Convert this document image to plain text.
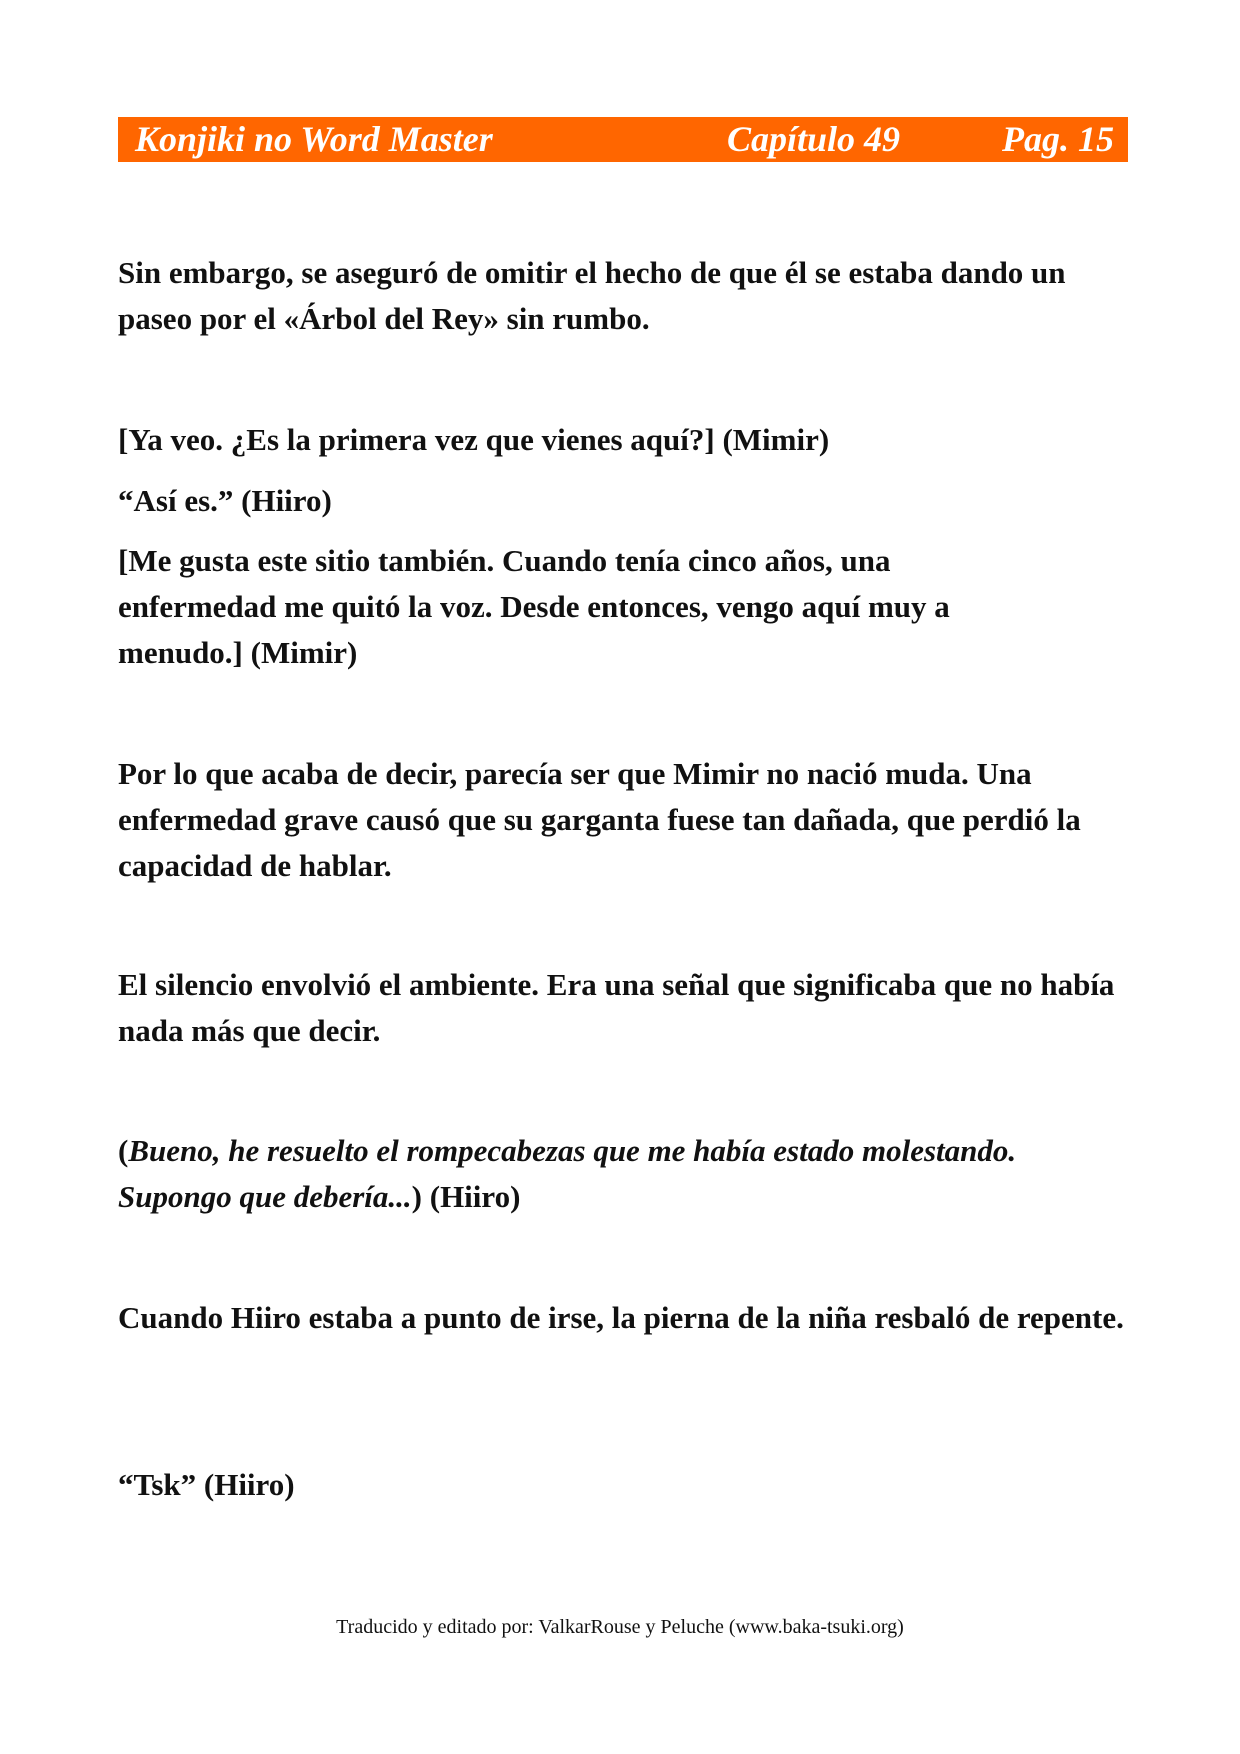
Konjiki no Word Master	Capítulo 49	Pag. 15

Sin embargo, se aseguró de omitir el hecho de que él se estaba dando un paseo por el «Árbol del Rey» sin rumbo.

[Ya veo. ¿Es la primera vez que vienes aquí?] (Mimir)

“Así es.” (Hiiro)

[Me gusta este sitio también. Cuando tenía cinco años, una enfermedad me quitó la voz. Desde entonces, vengo aquí muy a menudo.] (Mimir)

Por lo que acaba de decir, parecía ser que Mimir no nació muda. Una enfermedad grave causó que su garganta fuese tan dañada, que perdió la capacidad de hablar.

El silencio envolvió el ambiente. Era una señal que significaba que no había nada más que decir.

(Bueno, he resuelto el rompecabezas que me había estado molestando. Supongo que debería...) (Hiiro)

Cuando Hiiro estaba a punto de irse, la pierna de la niña resbaló de repente.

“Tsk” (Hiiro)

Traducido y editado por: ValkarRouse y Peluche (www.baka-tsuki.org)
